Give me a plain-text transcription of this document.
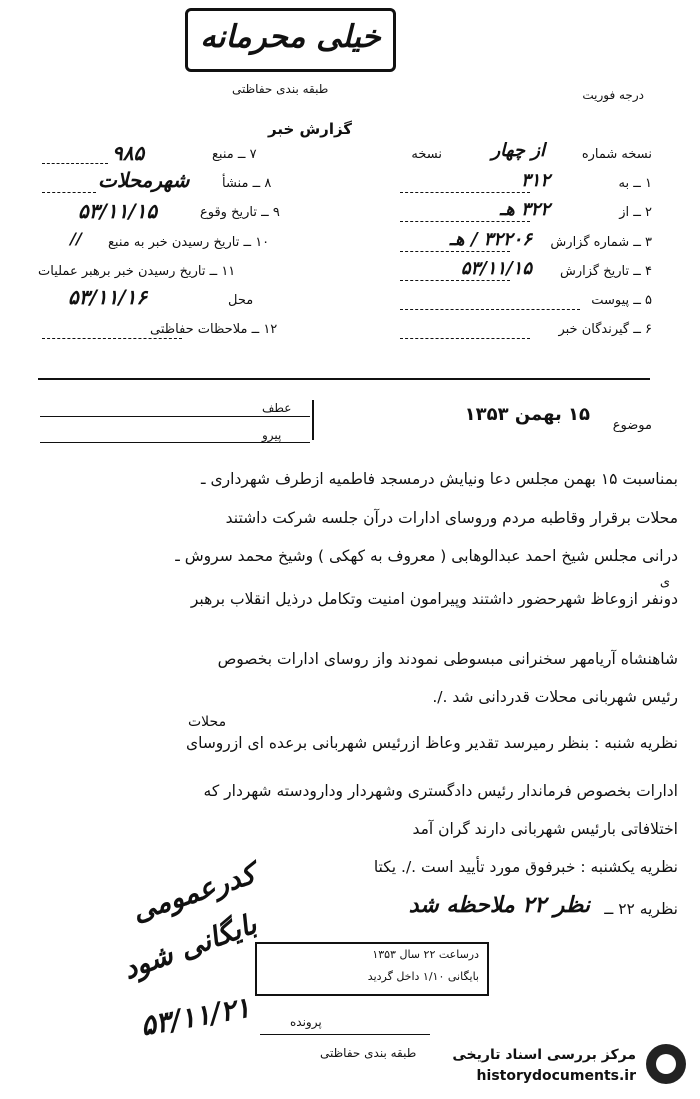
خیلی محرمانه
طبقه بندی حفاظتی	درجه فوریت
گزارش خبر
نسخه شماره
از چهار
نسخه
۱ ــ به
۳۱۲
۲ ــ از
۳۲۲ هـ
۳ ــ شماره گزارش
۳۲۲۰۶ / هـ
۴ ــ تاریخ گزارش
۵۳/۱۱/۱۵
۵ ــ پیوست
۶ ــ گیرندگان خبر
۷ ــ منبع
۹۸۵
۸ ــ منشأ
شهرمحلات
۹ ــ تاریخ وقوع
۵۳/۱۱/۱۵
۱۰ ــ تاریخ رسیدن خبر به منبع
//
۱۱ ــ تاریخ رسیدن خبر برهبر عملیات
محل
۵۳/۱۱/۱۶
۱۲ ــ ملاحظات حفاظتی
عطف
پیرو
موضوع
۱۵ بهمن ۱۳۵۳
بمناسبت ۱۵ بهمن مجلس دعا ونیایش درمسجد فاطمیه ازطرف شهرداری ـ
محلات برقرار وقاطبه مردم وروسای ادارات درآن جلسه شرکت داشتند
درانی مجلس شیخ احمد عبدالوهابی ( معروف به کهکی ) وشیخ محمد سروش ـ
ی
دونفر ازوعاظ شهرحضور داشتند وپیرامون امنیت وتکامل درذیل انقلاب برهبر
شاهنشاه آریامهر سخنرانی مبسوطی نمودند واز روسای ادارات بخصوص
رئیس شهربانی محلات قدردانی شد ./.
محلات
نظریه شنبه : بنظر رمیرسد تقدیر وعاظ ازرئیس شهربانی برعده ای ازروسای
ادارات بخصوص فرماندار رئیس دادگستری وشهردار ودارودسته شهردار که
اختلافاتی بارئیس شهربانی دارند گران آمد
نظریه یکشنبه : خبرفوق مورد تأیید است ./. یکتا
نظریه ۲۲ ــ
نظر ۲۲ ملاحظه شد
کدرعمومی
بایگانی شود
۵۳/۱۱/۲۱
درساعت ۲۲ سال ۱۳۵۳
بایگانی ۱/۱۰ داخل گردید
پرونده
طبقه بندی حفاظتی	مرکز بررسی اسناد تاریخی
historydocuments.ir
